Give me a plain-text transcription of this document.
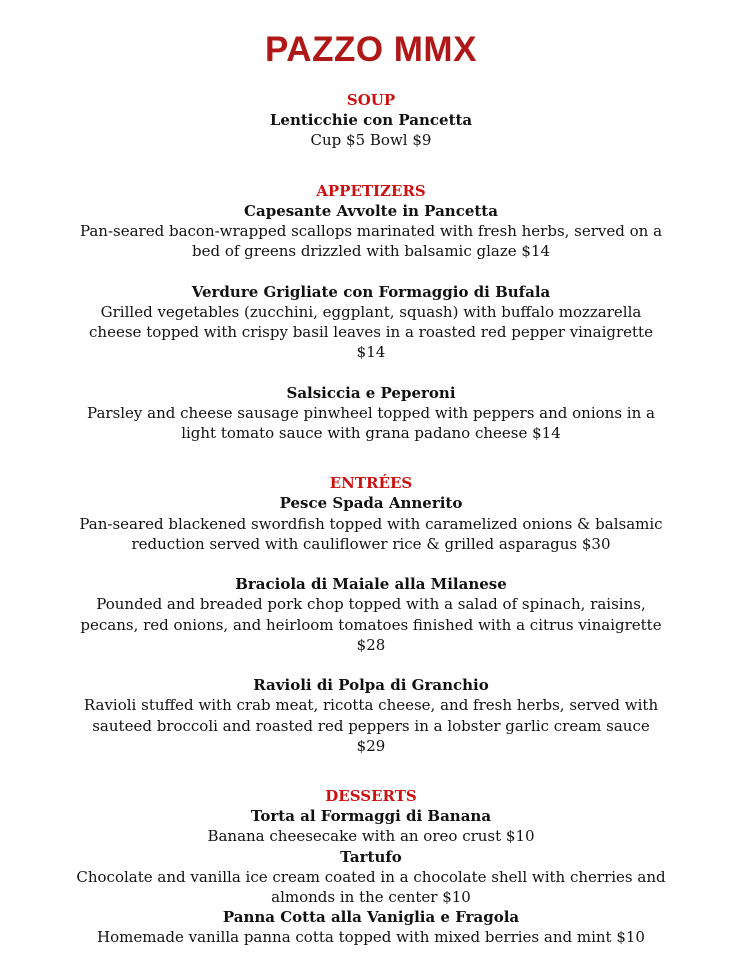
PAZZO MMX

SOUP

Lenticchie con Pancetta

Cup $5 Bowl $9

APPETIZERS

Capesante Avvolte in Pancetta

Pan-seared bacon-wrapped scallops marinated with fresh herbs, served on a bed of greens drizzled with balsamic glaze $14

Verdure Grigliate con Formaggio di Bufala

Grilled vegetables (zucchini, eggplant, squash) with buffalo mozzarella cheese topped with crispy basil leaves in a roasted red pepper vinaigrette $14

Salsiccia e Peperoni

Parsley and cheese sausage pinwheel topped with peppers and onions in a light tomato sauce with grana padano cheese $14

ENTRÉES

Pesce Spada Annerito

Pan-seared blackened swordfish topped with caramelized onions & balsamic reduction served with cauliflower rice & grilled asparagus $30

Braciola di Maiale alla Milanese

Pounded and breaded pork chop topped with a salad of spinach, raisins, pecans, red onions, and heirloom tomatoes finished with a citrus vinaigrette $28

Ravioli di Polpa di Granchio

Ravioli stuffed with crab meat, ricotta cheese, and fresh herbs, served with sauteed broccoli and roasted red peppers in a lobster garlic cream sauce $29

DESSERTS

Torta al Formaggi di Banana

Banana cheesecake with an oreo crust $10

Tartufo

Chocolate and vanilla ice cream coated in a chocolate shell with cherries and almonds in the center $10

Panna Cotta alla Vaniglia e Fragola

Homemade vanilla panna cotta topped with mixed berries and mint $10
